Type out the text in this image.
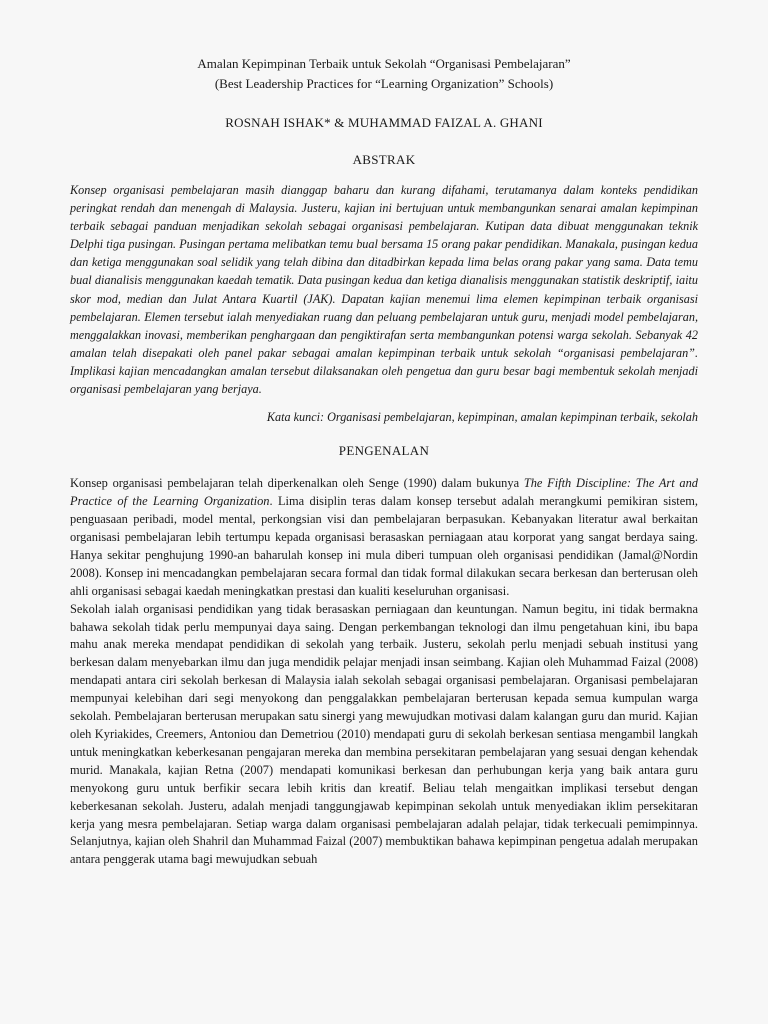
Amalan Kepimpinan Terbaik untuk Sekolah “Organisasi Pembelajaran”
(Best Leadership Practices for “Learning Organization” Schools)
ROSNAH ISHAK* & MUHAMMAD FAIZAL A. GHANI
ABSTRAK

Konsep organisasi pembelajaran masih dianggap baharu dan kurang difahami, terutamanya dalam konteks pendidikan peringkat rendah dan menengah di Malaysia. Justeru, kajian ini bertujuan untuk membangunkan senarai amalan kepimpinan terbaik sebagai panduan menjadikan sekolah sebagai organisasi pembelajaran. Kutipan data dibuat menggunakan teknik Delphi tiga pusingan. Pusingan pertama melibatkan temu bual bersama 15 orang pakar pendidikan. Manakala, pusingan kedua dan ketiga menggunakan soal selidik yang telah dibina dan ditadbirkan kepada lima belas orang pakar yang sama. Data temu bual dianalisis menggunakan kaedah tematik. Data pusingan kedua dan ketiga dianalisis menggunakan statistik deskriptif, iaitu skor mod, median dan Julat Antara Kuartil (JAK). Dapatan kajian menemui lima elemen kepimpinan terbaik organisasi pembelajaran. Elemen tersebut ialah menyediakan ruang dan peluang pembelajaran untuk guru, menjadi model pembelajaran, menggalakkan inovasi, memberikan penghargaan dan pengiktirafan serta membangunkan potensi warga sekolah. Sebanyak 42 amalan telah disepakati oleh panel pakar sebagai amalan kepimpinan terbaik untuk sekolah “organisasi pembelajaran”. Implikasi kajian mencadangkan amalan tersebut dilaksanakan oleh pengetua dan guru besar bagi membentuk sekolah menjadi organisasi pembelajaran yang berjaya.

Kata kunci: Organisasi pembelajaran, kepimpinan, amalan kepimpinan terbaik, sekolah
PENGENALAN

Konsep organisasi pembelajaran telah diperkenalkan oleh Senge (1990) dalam bukunya The Fifth Discipline: The Art and Practice of the Learning Organization. Lima disiplin teras dalam konsep tersebut adalah merangkumi pemikiran sistem, penguasaan peribadi, model mental, perkongsian visi dan pembelajaran berpasukan. Kebanyakan literatur awal berkaitan organisasi pembelajaran lebih tertumpu kepada organisasi berasaskan perniagaan atau korporat yang sangat berdaya saing. Hanya sekitar penghujung 1990-an baharulah konsep ini mula diberi tumpuan oleh organisasi pendidikan (Jamal@Nordin 2008). Konsep ini mencadangkan pembelajaran secara formal dan tidak formal dilakukan secara berkesan dan berterusan oleh ahli organisasi sebagai kaedah meningkatkan prestasi dan kualiti keseluruhan organisasi.

Sekolah ialah organisasi pendidikan yang tidak berasaskan perniagaan dan keuntungan. Namun begitu, ini tidak bermakna bahawa sekolah tidak perlu mempunyai daya saing. Dengan perkembangan teknologi dan ilmu pengetahuan kini, ibu bapa mahu anak mereka mendapat pendidikan di sekolah yang terbaik. Justeru, sekolah perlu menjadi sebuah institusi yang berkesan dalam menyebarkan ilmu dan juga mendidik pelajar menjadi insan seimbang. Kajian oleh Muhammad Faizal (2008) mendapati antara ciri sekolah berkesan di Malaysia ialah sekolah sebagai organisasi pembelajaran. Organisasi pembelajaran mempunyai kelebihan dari segi menyokong dan penggalakkan pembelajaran berterusan kepada semua kumpulan warga sekolah. Pembelajaran berterusan merupakan satu sinergi yang mewujudkan motivasi dalam kalangan guru dan murid. Kajian oleh Kyriakides, Creemers, Antoniou dan Demetriou (2010) mendapati guru di sekolah berkesan sentiasa mengambil langkah untuk meningkatkan keberkesanan pengajaran mereka dan membina persekitaran pembelajaran yang sesuai dengan kehendak murid. Manakala, kajian Retna (2007) mendapati komunikasi berkesan dan perhubungan kerja yang baik antara guru menyokong guru untuk berfikir secara lebih kritis dan kreatif. Beliau telah mengaitkan implikasi tersebut dengan keberkesanan sekolah. Justeru, adalah menjadi tanggungjawab kepimpinan sekolah untuk menyediakan iklim persekitaran kerja yang mesra pembelajaran. Setiap warga dalam organisasi pembelajaran adalah pelajar, tidak terkecuali pemimpinnya. Selanjutnya, kajian oleh Shahril dan Muhammad Faizal (2007) membuktikan bahawa kepimpinan pengetua adalah merupakan antara penggerak utama bagi mewujudkan sebuah
